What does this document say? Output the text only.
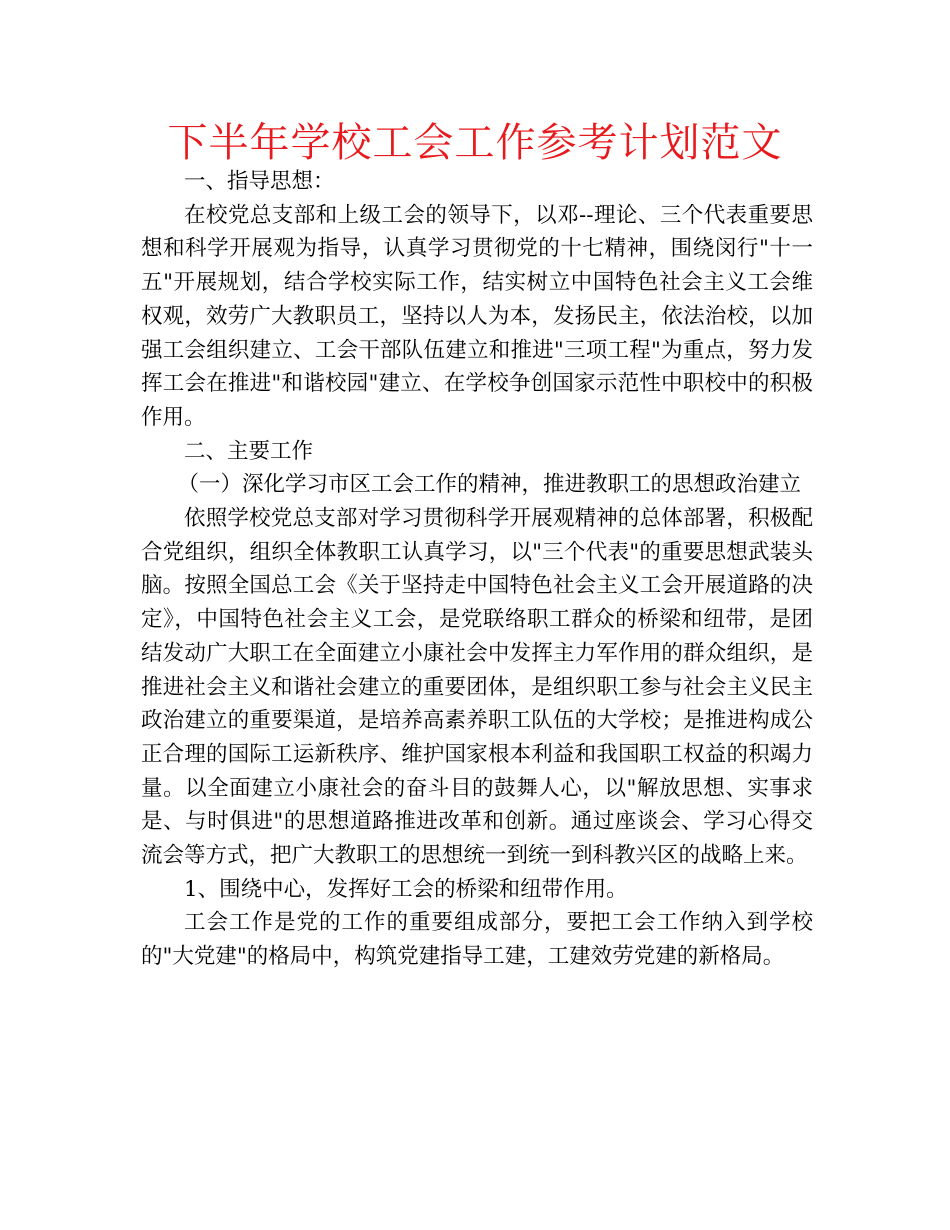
下半年学校工会工作参考计划范文

一、指导思想：

在校党总支部和上级工会的领导下，以邓--理论、三个代表重要思想和科学开展观为指导，认真学习贯彻党的十七精神，围绕闵行"十一五"开展规划，结合学校实际工作，结实树立中国特色社会主义工会维权观，效劳广大教职员工，坚持以人为本，发扬民主，依法治校，以加强工会组织建立、工会干部队伍建立和推进"三项工程"为重点，努力发挥工会在推进"和谐校园"建立、在学校争创国家示范性中职校中的积极作用。

二、主要工作

（一）深化学习市区工会工作的精神，推进教职工的思想政治建立

依照学校党总支部对学习贯彻科学开展观精神的总体部署，积极配合党组织，组织全体教职工认真学习，以"三个代表"的重要思想武装头脑。按照全国总工会《关于坚持走中国特色社会主义工会开展道路的决定》，中国特色社会主义工会，是党联络职工群众的桥梁和纽带，是团结发动广大职工在全面建立小康社会中发挥主力军作用的群众组织，是推进社会主义和谐社会建立的重要团体，是组织职工参与社会主义民主政治建立的重要渠道，是培养高素养职工队伍的大学校；是推进构成公正合理的国际工运新秩序、维护国家根本利益和我国职工权益的积竭力量。以全面建立小康社会的奋斗目的鼓舞人心，以"解放思想、实事求是、与时俱进"的思想道路推进改革和创新。通过座谈会、学习心得交流会等方式，把广大教职工的思想统一到统一到科教兴区的战略上来。

1、围绕中心，发挥好工会的桥梁和纽带作用。

工会工作是党的工作的重要组成部分，要把工会工作纳入到学校的"大党建"的格局中，构筑党建指导工建，工建效劳党建的新格局。
